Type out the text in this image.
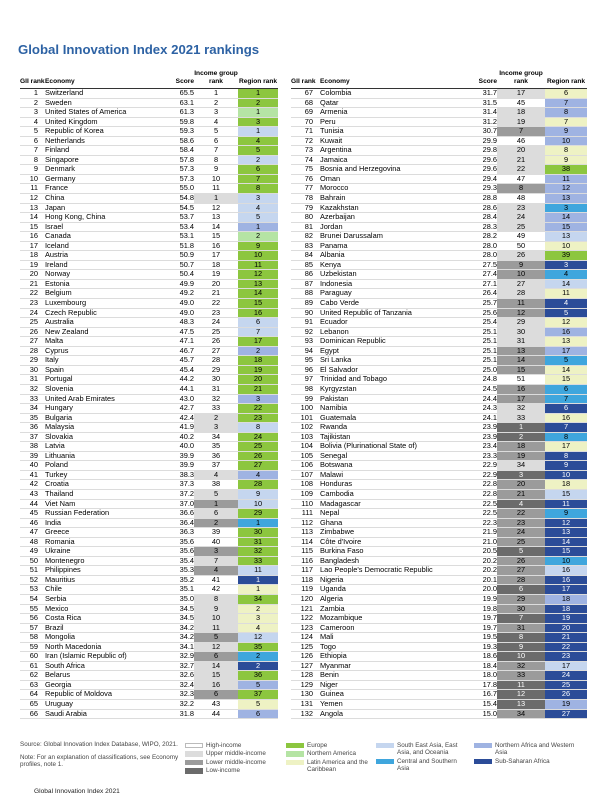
Global Innovation Index 2021 rankings
GII rank	Economy	Score	Income group rank	Region rank
1	Switzerland	65.5	1	1
2	Sweden	63.1	2	2
3	United States of America	61.3	3	1
4	United Kingdom	59.8	4	3
5	Republic of Korea	59.3	5	1
6	Netherlands	58.6	6	4
7	Finland	58.4	7	5
8	Singapore	57.8	8	2
9	Denmark	57.3	9	6
10	Germany	57.3	10	7
11	France	55.0	11	8
12	China	54.8	1	3
13	Japan	54.5	12	4
14	Hong Kong, China	53.7	13	5
15	Israel	53.4	14	1
16	Canada	53.1	15	2
17	Iceland	51.8	16	9
18	Austria	50.9	17	10
19	Ireland	50.7	18	11
20	Norway	50.4	19	12
21	Estonia	49.9	20	13
22	Belgium	49.2	21	14
23	Luxembourg	49.0	22	15
24	Czech Republic	49.0	23	16
25	Australia	48.3	24	6
26	New Zealand	47.5	25	7
27	Malta	47.1	26	17
28	Cyprus	46.7	27	2
29	Italy	45.7	28	18
30	Spain	45.4	29	19
31	Portugal	44.2	30	20
32	Slovenia	44.1	31	21
33	United Arab Emirates	43.0	32	3
34	Hungary	42.7	33	22
35	Bulgaria	42.4	2	23
36	Malaysia	41.9	3	8
37	Slovakia	40.2	34	24
38	Latvia	40.0	35	25
39	Lithuania	39.9	36	26
40	Poland	39.9	37	27
41	Turkey	38.3	4	4
42	Croatia	37.3	38	28
43	Thailand	37.2	5	9
44	Viet Nam	37.0	1	10
45	Russian Federation	36.6	6	29
46	India	36.4	2	1
47	Greece	36.3	39	30
48	Romania	35.6	40	31
49	Ukraine	35.6	3	32
50	Montenegro	35.4	7	33
51	Philippines	35.3	4	11
52	Mauritius	35.2	41	1
53	Chile	35.1	42	1
54	Serbia	35.0	8	34
55	Mexico	34.5	9	2
56	Costa Rica	34.5	10	3
57	Brazil	34.2	11	4
58	Mongolia	34.2	5	12
59	North Macedonia	34.1	12	35
60	Iran (Islamic Republic of)	32.9	6	2
61	South Africa	32.7	14	2
62	Belarus	32.6	15	36
63	Georgia	32.4	16	5
64	Republic of Moldova	32.3	6	37
65	Uruguay	32.2	43	5
66	Saudi Arabia	31.8	44	6
GII rank	Economy	Score	Income group rank	Region rank
67	Colombia	31.7	17	6
68	Qatar	31.5	45	7
69	Armenia	31.4	18	8
70	Peru	31.2	19	7
71	Tunisia	30.7	7	9
72	Kuwait	29.9	46	10
73	Argentina	29.8	20	8
74	Jamaica	29.6	21	9
75	Bosnia and Herzegovina	29.6	22	38
76	Oman	29.4	47	11
77	Morocco	29.3	8	12
78	Bahrain	28.8	48	13
79	Kazakhstan	28.6	23	3
80	Azerbaijan	28.4	24	14
81	Jordan	28.3	25	15
82	Brunei Darussalam	28.2	49	13
83	Panama	28.0	50	10
84	Albania	28.0	26	39
85	Kenya	27.5	9	3
86	Uzbekistan	27.4	10	4
87	Indonesia	27.1	27	14
88	Paraguay	26.4	28	11
89	Cabo Verde	25.7	11	4
90	United Republic of Tanzania	25.6	12	5
91	Ecuador	25.4	29	12
92	Lebanon	25.1	30	16
93	Dominican Republic	25.1	31	13
94	Egypt	25.1	13	17
95	Sri Lanka	25.1	14	5
96	El Salvador	25.0	15	14
97	Trinidad and Tobago	24.8	51	15
98	Kyrgyzstan	24.5	16	6
99	Pakistan	24.4	17	7
100	Namibia	24.3	32	6
101	Guatemala	24.1	33	16
102	Rwanda	23.9	1	7
103	Tajikistan	23.9	2	8
104	Bolivia (Plurinational State of)	23.4	18	17
105	Senegal	23.3	19	8
106	Botswana	22.9	34	9
107	Malawi	22.9	3	10
108	Honduras	22.8	20	18
109	Cambodia	22.8	21	15
110	Madagascar	22.5	4	11
111	Nepal	22.5	22	9
112	Ghana	22.3	23	12
113	Zimbabwe	21.9	24	13
114	Côte d'Ivoire	21.0	25	14
115	Burkina Faso	20.5	5	15
116	Bangladesh	20.2	26	10
117	Lao People's Democratic Republic	20.2	27	16
118	Nigeria	20.1	28	16
119	Uganda	20.0	6	17
120	Algeria	19.9	29	18
121	Zambia	19.8	30	18
122	Mozambique	19.7	7	19
123	Cameroon	19.7	31	20
124	Mali	19.5	8	21
125	Togo	19.3	9	22
126	Ethiopia	18.6	10	23
127	Myanmar	18.4	32	17
128	Benin	18.0	33	24
129	Niger	17.8	11	25
130	Guinea	16.7	12	26
131	Yemen	15.4	13	19
132	Angola	15.0	34	27
Source: Global Innovation Index Database, WIPO, 2021.
Note: For an explanation of classifications, see Economy profiles, note 1.
High-income
Upper middle-income
Lower middle-income
Low-income
Europe
Northern America
Latin America and the Caribbean
South East Asia, East Asia, and Oceania
Central and Southern Asia
Northern Africa and Western Asia
Sub-Saharan Africa
Global Innovation Index 2021
